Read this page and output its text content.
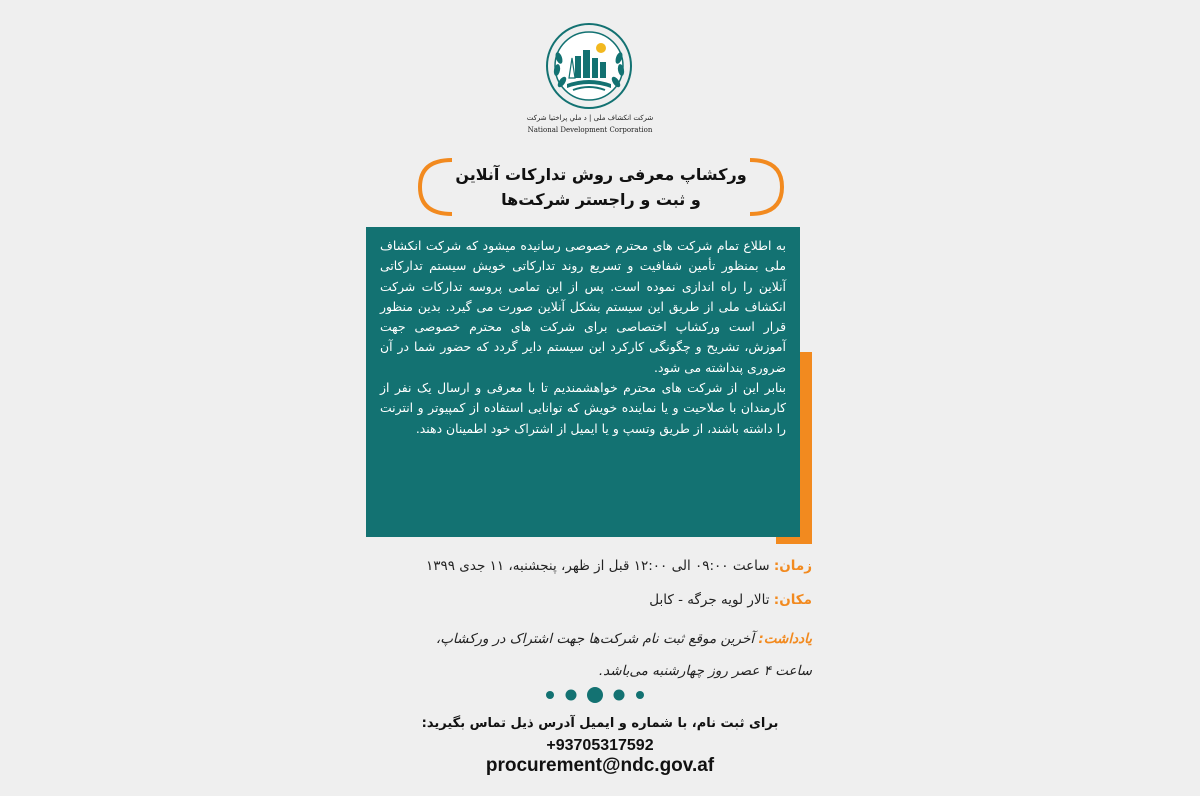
شرکت انکشاف ملی | د ملي پراختيا شرکت
National Development Corporation
ورکشاپ معرفی روش تدارکات آنلاین
و ثبت و راجستر شرکت‌ها

به اطلاع تمام شرکت های محترم خصوصی رسانیده میشود که شرکت انکشاف ملی بمنظور تأمین شفافیت و تسریع روند تدارکاتی خویش سیستم تدارکاتی آنلاین را راه اندازی نموده است. پس از این تمامی پروسه تدارکات شرکت انکشاف ملی از طریق این سیستم بشکل آنلاین صورت می گیرد. بدین منظور قرار است ورکشاپ اختصاصی برای شرکت های محترم خصوصی جهت آموزش، تشریح و چگونگی کارکرد این سیستم دایر گردد که حضور شما در آن ضروری پنداشته می شود.

بنابر این از شرکت های محترم خواهشمندیم تا با معرفی و ارسال یک نفر از کارمندان با صلاحیت و یا نماینده خویش که توانایی استفاده از کمپیوتر و انترنت را داشته باشند، از طریق وتسپ و یا ایمیل از اشتراک خود اطمینان دهند.

زمان: ساعت ۰۹:۰۰ الی ۱۲:۰۰ قبل از ظهر، پنجشنبه، ۱۱ جدی ۱۳۹۹
مکان: تالار لویه جرگه - کابل
یادداشت: آخرین موقع ثبت نام شرکت‌ها جهت اشتراک در ورکشاپ،
ساعت ۴ عصر روز چهارشنبه می‌باشد.
برای ثبت نام، با شماره و ایمیل آدرس ذیل تماس بگیرید:
+93705317592
procurement@ndc.gov.af
